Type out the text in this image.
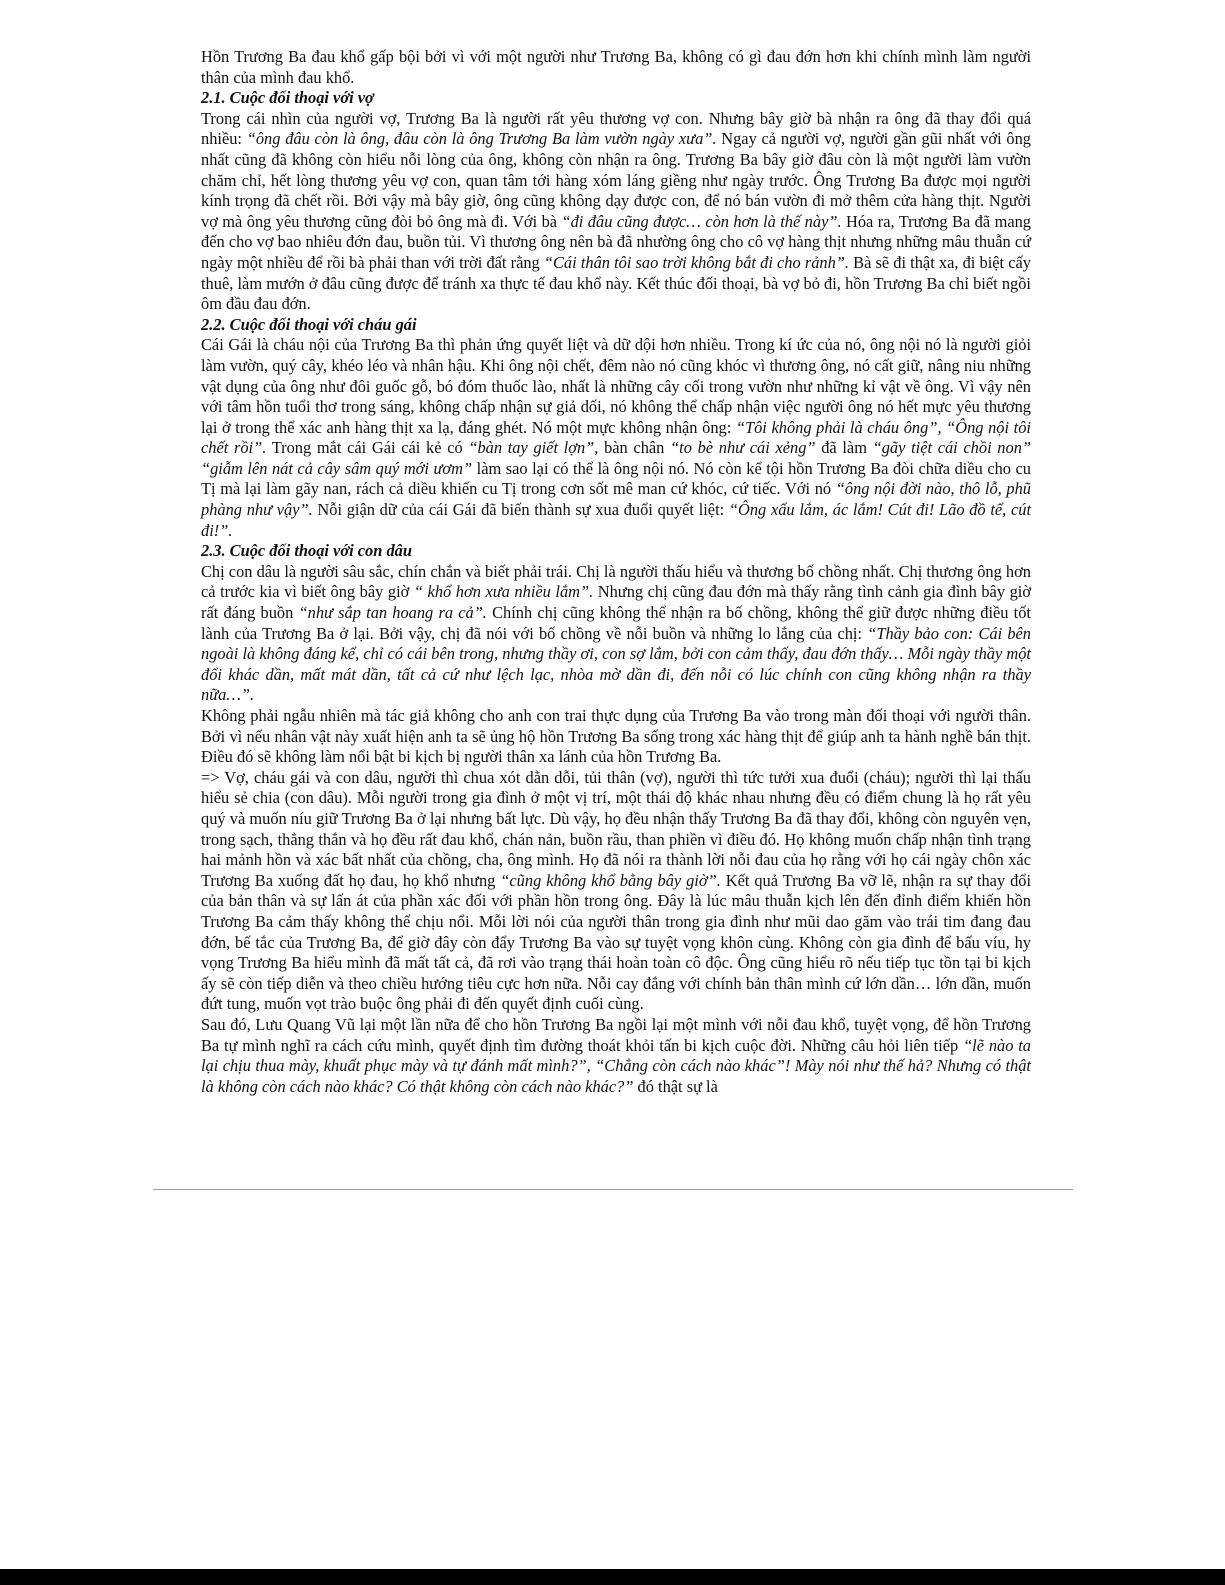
Hồn Trương Ba đau khổ gấp bội bởi vì với một người như Trương Ba, không có gì đau đớn hơn khi chính mình làm người thân của mình đau khổ.

2.1. Cuộc đối thoại với vợ

Trong cái nhìn của người vợ, Trương Ba là người rất yêu thương vợ con. Nhưng bây giờ bà nhận ra ông đã thay đổi quá nhiều: “ông đâu còn là ông, đâu còn là ông Trương Ba làm vườn ngày xưa”. Ngay cả người vợ, người gần gũi nhất với ông nhất cũng đã không còn hiểu nỗi lòng của ông, không còn nhận ra ông. Trương Ba bây giờ đâu còn là một người làm vườn chăm chỉ, hết lòng thương yêu vợ con, quan tâm tới hàng xóm láng giềng như ngày trước. Ông Trương Ba được mọi người kính trọng đã chết rồi. Bởi vậy mà bây giờ, ông cũng không dạy được con, để nó bán vườn đi mở thêm cửa hàng thịt. Người vợ mà ông yêu thương cũng đòi bỏ ông mà đi. Với bà “đi đâu cũng được… còn hơn là thế này”. Hóa ra, Trương Ba đã mang đến cho vợ bao nhiêu đớn đau, buồn tủi. Vì thương ông nên bà đã nhường ông cho cô vợ hàng thịt nhưng những mâu thuẫn cứ ngày một nhiều để rồi bà phải than với trời đất rằng “Cái thân tôi sao trời không bắt đi cho rảnh”. Bà sẽ đi thật xa, đi biệt cấy thuê, làm mướn ở đâu cũng được để tránh xa thực tế đau khổ này. Kết thúc đối thoại, bà vợ bỏ đi, hồn Trương Ba chỉ biết ngồi ôm đầu đau đớn.

2.2. Cuộc đối thoại với cháu gái

Cái Gái là cháu nội của Trương Ba thì phản ứng quyết liệt và dữ dội hơn nhiều. Trong kí ức của nó, ông nội nó là người giỏi làm vườn, quý cây, khéo léo và nhân hậu. Khi ông nội chết, đêm nào nó cũng khóc vì thương ông, nó cất giữ, nâng niu những vật dụng của ông như đôi guốc gỗ, bó đóm thuốc lào, nhất là những cây cối trong vườn như những kỉ vật về ông. Vì vậy nên với tâm hồn tuổi thơ trong sáng, không chấp nhận sự giả dối, nó không thể chấp nhận việc người ông nó hết mực yêu thương lại ở trong thể xác anh hàng thịt xa lạ, đáng ghét. Nó một mực không nhận ông: “Tôi không phải là cháu ông”, “Ông nội tôi chết rồi”. Trong mắt cái Gái cái kẻ có “bàn tay giết lợn”, bàn chân “to bè như cái xẻng” đã làm “gãy tiệt cái chồi non” “giẫm lên nát cả cây sâm quý mới ươm” làm sao lại có thể là ông nội nó. Nó còn kể tội hồn Trương Ba đòi chữa diều cho cu Tị mà lại làm gãy nan, rách cả diều khiến cu Tị trong cơn sốt mê man cứ khóc, cứ tiếc. Với nó “ông nội đời nào, thô lỗ, phũ phàng như vậy”. Nỗi giận dữ của cái Gái đã biến thành sự xua đuổi quyết liệt: “Ông xấu lắm, ác lắm! Cút đi! Lão đồ tể, cút đi!”.

2.3. Cuộc đối thoại với con dâu

Chị con dâu là người sâu sắc, chín chắn và biết phải trái. Chị là người thấu hiểu và thương bố chồng nhất. Chị thương ông hơn cả trước kia vì biết ông bây giờ “ khổ hơn xưa nhiều lắm”. Nhưng chị cũng đau đớn mà thấy rằng tình cảnh gia đình bây giờ rất đáng buồn “như sắp tan hoang ra cả”. Chính chị cũng không thể nhận ra bố chồng, không thể giữ được những điều tốt lành của Trương Ba ở lại. Bởi vậy, chị đã nói với bố chồng về nỗi buồn và những lo lắng của chị: “Thầy bảo con: Cái bên ngoài là không đáng kể, chỉ có cái bên trong, nhưng thầy ơi, con sợ lắm, bởi con cảm thấy, đau đớn thấy… Mỗi ngày thầy một đổi khác dần, mất mát dần, tất cả cứ như lệch lạc, nhòa mờ dần đi, đến nỗi có lúc chính con cũng không nhận ra thầy nữa…”.

Không phải ngẫu nhiên mà tác giả không cho anh con trai thực dụng của Trương Ba vào trong màn đối thoại với người thân. Bởi vì nếu nhân vật này xuất hiện anh ta sẽ ủng hộ hồn Trương Ba sống trong xác hàng thịt để giúp anh ta hành nghề bán thịt. Điều đó sẽ không làm nổi bật bi kịch bị người thân xa lánh của hồn Trương Ba.

=> Vợ, cháu gái và con dâu, người thì chua xót dằn dỗi, tủi thân (vợ), người thì tức tưởi xua đuổi (cháu); người thì lại thấu hiểu sẻ chia (con dâu). Mỗi người trong gia đình ở một vị trí, một thái độ khác nhau nhưng đều có điểm chung là họ rất yêu quý và muốn níu giữ Trương Ba ở lại nhưng bất lực. Dù vậy, họ đều nhận thấy Trương Ba đã thay đổi, không còn nguyên vẹn, trong sạch, thẳng thắn và họ đều rất đau khổ, chán nản, buồn rầu, than phiền vì điều đó. Họ không muốn chấp nhận tình trạng hai mảnh hồn và xác bất nhất của chồng, cha, ông mình. Họ đã nói ra thành lời nỗi đau của họ rằng với họ cái ngày chôn xác Trương Ba xuống đất họ đau, họ khổ nhưng “cũng không khổ bằng bây giờ”. Kết quả Trương Ba vỡ lẽ, nhận ra sự thay đổi của bản thân và sự lấn át của phần xác đối với phần hồn trong ông. Đây là lúc mâu thuẫn kịch lên đến đỉnh điểm khiến hồn Trương Ba cảm thấy không thể chịu nổi. Mỗi lời nói của người thân trong gia đình như mũi dao găm vào trái tim đang đau đớn, bế tắc của Trương Ba, để giờ đây còn đẩy Trương Ba vào sự tuyệt vọng khôn cùng. Không còn gia đình để bấu víu, hy vọng Trương Ba hiểu mình đã mất tất cả, đã rơi vào trạng thái hoàn toàn cô độc. Ông cũng hiểu rõ nếu tiếp tục tồn tại bi kịch ấy sẽ còn tiếp diễn và theo chiều hướng tiêu cực hơn nữa. Nỗi cay đắng với chính bản thân mình cứ lớn dần… lớn dần, muốn đứt tung, muốn vọt trào buộc ông phải đi đến quyết định cuối cùng.

Sau đó, Lưu Quang Vũ lại một lần nữa để cho hồn Trương Ba ngồi lại một mình với nỗi đau khổ, tuyệt vọng, để hồn Trương Ba tự mình nghĩ ra cách cứu mình, quyết định tìm đường thoát khỏi tấn bi kịch cuộc đời. Những câu hỏi liên tiếp “lẽ nào ta lại chịu thua mày, khuất phục mày và tự đánh mất mình?”, “Chẳng còn cách nào khác”! Mày nói như thế hả? Nhưng có thật là không còn cách nào khác? Có thật không còn cách nào khác?” đó thật sự là
